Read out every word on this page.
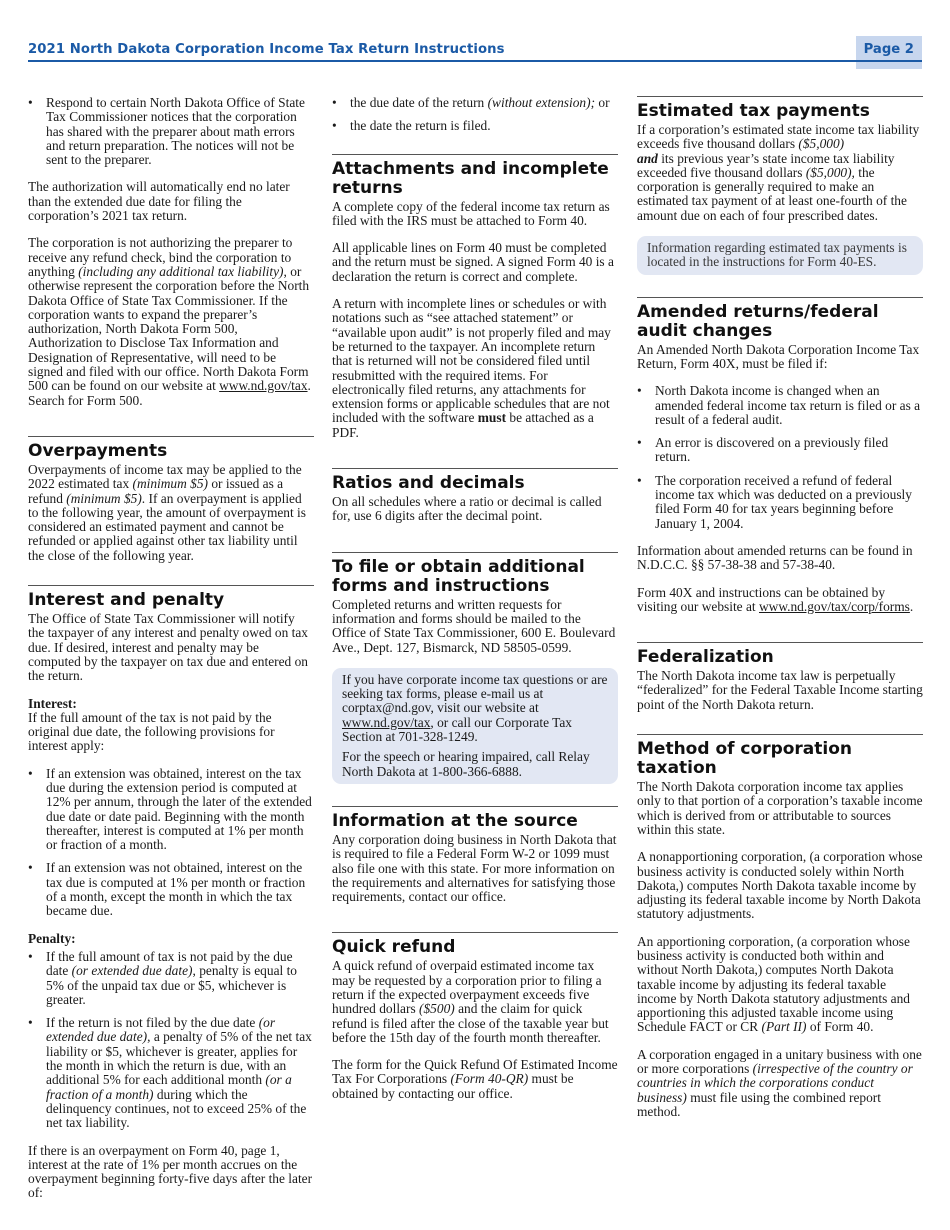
Page 2
2021 North Dakota Corporation Income Tax Return Instructions
• Respond to certain North Dakota Office of State Tax Commissioner notices that the corporation has shared with the preparer about math errors and return preparation. The notices will not be sent to the preparer.

The authorization will automatically end no later than the extended due date for filing the corporation’s 2021 tax return.

The corporation is not authorizing the preparer to receive any refund check, bind the corporation to anything (including any additional tax liability), or otherwise represent the corporation before the North Dakota Office of State Tax Commissioner. If the corporation wants to expand the preparer’s authorization, North Dakota Form 500, Authorization to Disclose Tax Information and Designation of Representative, will need to be signed and filed with our office. North Dakota Form 500 can be found on our website at www.nd.gov/tax. Search for Form 500.

Overpayments

Overpayments of income tax may be applied to the 2022 estimated tax (minimum $5) or issued as a refund (minimum $5). If an overpayment is applied to the following year, the amount of overpayment is considered an estimated payment and cannot be refunded or applied against other tax liability until the close of the following year.

Interest and penalty

The Office of State Tax Commissioner will notify the taxpayer of any interest and penalty owed on tax due. If desired, interest and penalty may be computed by the taxpayer on tax due and entered on the return.

Interest:

If the full amount of the tax is not paid by the original due date, the following provisions for interest apply:

• If an extension was obtained, interest on the tax due during the extension period is computed at 12% per annum, through the later of the extended due date or date paid. Beginning with the month thereafter, interest is computed at 1% per month or fraction of a month.
• If an extension was not obtained, interest on the tax due is computed at 1% per month or fraction of a month, except the month in which the tax became due.

Penalty:

• If the full amount of tax is not paid by the due date (or extended due date), penalty is equal to 5% of the unpaid tax due or $5, whichever is greater.
• If the return is not filed by the due date (or extended due date), a penalty of 5% of the net tax liability or $5, whichever is greater, applies for the month in which the return is due, with an additional 5% for each additional month (or a fraction of a month) during which the delinquency continues, not to exceed 25% of the net tax liability.

If there is an overpayment on Form 40, page 1, interest at the rate of 1% per month accrues on the overpayment beginning forty-five days after the later of:

• the due date of the return (without extension); or
• the date the return is filed.
Attachments and incomplete returns

A complete copy of the federal income tax return as filed with the IRS must be attached to Form 40.

All applicable lines on Form 40 must be completed and the return must be signed. A signed Form 40 is a declaration the return is correct and complete.

A return with incomplete lines or schedules or with notations such as “see attached statement” or “available upon audit” is not properly filed and may be returned to the taxpayer. An incomplete return that is returned will not be considered filed until resubmitted with the required items. For electronically filed returns, any attachments for extension forms or applicable schedules that are not included with the software must be attached as a PDF.

Ratios and decimals

On all schedules where a ratio or decimal is called for, use 6 digits after the decimal point.

To file or obtain additional forms and instructions

Completed returns and written requests for information and forms should be mailed to the Office of State Tax Commissioner, 600 E. Boulevard Ave., Dept. 127, Bismarck, ND 58505-0599.

If you have corporate income tax questions or are seeking tax forms, please e-mail us at corptax@nd.gov, visit our website at www.nd.gov/tax, or call our Corporate Tax Section at 701-328-1249.

For the speech or hearing impaired, call Relay North Dakota at 1-800-366-6888.

Information at the source

Any corporation doing business in North Dakota that is required to file a Federal Form W-2 or 1099 must also file one with this state. For more information on the requirements and alternatives for satisfying those requirements, contact our office.

Quick refund

A quick refund of overpaid estimated income tax may be requested by a corporation prior to filing a return if the expected overpayment exceeds five hundred dollars ($500) and the claim for quick refund is filed after the close of the taxable year but before the 15th day of the fourth month thereafter.

The form for the Quick Refund Of Estimated Income Tax For Corporations (Form 40-QR) must be obtained by contacting our office.

Estimated tax payments

If a corporation’s estimated state income tax liability exceeds five thousand dollars ($5,000)
and its previous year’s state income tax liability exceeded five thousand dollars ($5,000), the corporation is generally required to make an estimated tax payment of at least one-fourth of the amount due on each of four prescribed dates.

Information regarding estimated tax payments is located in the instructions for Form 40-ES.

Amended returns/federal audit changes

An Amended North Dakota Corporation Income Tax Return, Form 40X, must be filed if:

• North Dakota income is changed when an amended federal income tax return is filed or as a result of a federal audit.
• An error is discovered on a previously filed return.
• The corporation received a refund of federal income tax which was deducted on a previously filed Form 40 for tax years beginning before January 1, 2004.

Information about amended returns can be found in N.D.C.C. §§ 57-38-38 and 57-38-40.

Form 40X and instructions can be obtained by visiting our website at www.nd.gov/tax/corp/forms.

Federalization

The North Dakota income tax law is perpetually “federalized” for the Federal Taxable Income starting point of the North Dakota return.

Method of corporation taxation

The North Dakota corporation income tax applies only to that portion of a corporation’s taxable income which is derived from or attributable to sources within this state.

A nonapportioning corporation, (a corporation whose business activity is conducted solely within North Dakota,) computes North Dakota taxable income by adjusting its federal taxable income by North Dakota statutory adjustments.

An apportioning corporation, (a corporation whose business activity is conducted both within and without North Dakota,) computes North Dakota taxable income by adjusting its federal taxable income by North Dakota statutory adjustments and apportioning this adjusted taxable income using Schedule FACT or CR (Part II) of Form 40.

A corporation engaged in a unitary business with one or more corporations (irrespective of the country or countries in which the corporations conduct business) must file using the combined report method.
